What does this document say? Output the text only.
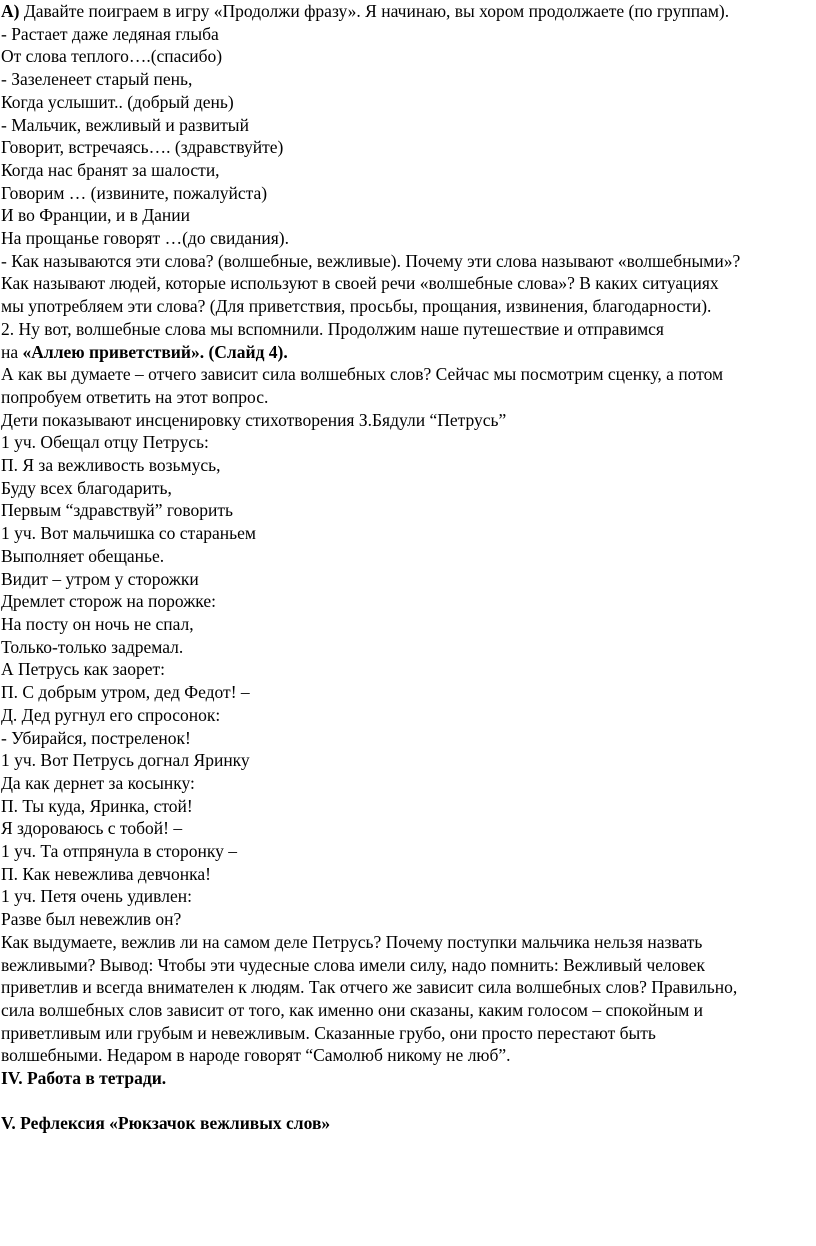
А) Давайте поиграем в игру «Продолжи фразу». Я начинаю, вы хором продолжаете (по группам).
- Растает даже ледяная глыба
От слова теплого….(спасибо)
- Зазеленеет старый пень,
Когда услышит.. (добрый день)
- Мальчик, вежливый и развитый
Говорит, встречаясь…. (здравствуйте)
Когда нас бранят за шалости,
Говорим … (извините, пожалуйста)
И во Франции, и в Дании
На прощанье говорят …(до свидания).
- Как называются эти слова? (волшебные, вежливые). Почему эти слова называют «волшебными»?
Как называют людей, которые используют в своей речи «волшебные слова»? В каких ситуациях
мы употребляем эти слова? (Для приветствия, просьбы, прощания, извинения, благодарности).
2. Ну вот, волшебные слова мы вспомнили. Продолжим наше путешествие и отправимся
на «Аллею приветствий». (Слайд 4).
А как вы думаете – отчего зависит сила волшебных слов? Сейчас мы посмотрим сценку, а потом
попробуем ответить на этот вопрос.
Дети показывают инсценировку стихотворения З.Бядули “Петрусь”
1 уч. Обещал отцу Петрусь:
П. Я за вежливость возьмусь,
Буду всех благодарить,
Первым “здравствуй” говорить
1 уч. Вот мальчишка со стараньем
Выполняет обещанье.
Видит – утром у сторожки
Дремлет сторож на порожке:
На посту он ночь не спал,
Только-только задремал.
А Петрусь как заорет:
П. С добрым утром, дед Федот! –
Д. Дед ругнул его спросонок:
- Убирайся, постреленок!
1 уч. Вот Петрусь догнал Яринку
Да как дернет за косынку:
П. Ты куда, Яринка, стой!
Я здороваюсь с тобой! –
1 уч. Та отпрянула в сторонку –
П. Как невежлива девчонка!
1 уч. Петя очень удивлен:
Разве был невежлив он?
Как выдумаете, вежлив ли на самом деле Петрусь? Почему поступки мальчика нельзя назвать
вежливыми? Вывод: Чтобы эти чудесные слова имели силу, надо помнить: Вежливый человек
приветлив и всегда внимателен к людям. Так отчего же зависит сила волшебных слов? Правильно,
сила волшебных слов зависит от того, как именно они сказаны, каким голосом – спокойным и
приветливым или грубым и невежливым. Сказанные грубо, они просто перестают быть
волшебными. Недаром в народе говорят “Самолюб никому не люб”.
IV. Работа в тетради.
V. Рефлексия «Рюкзачок вежливых слов»
